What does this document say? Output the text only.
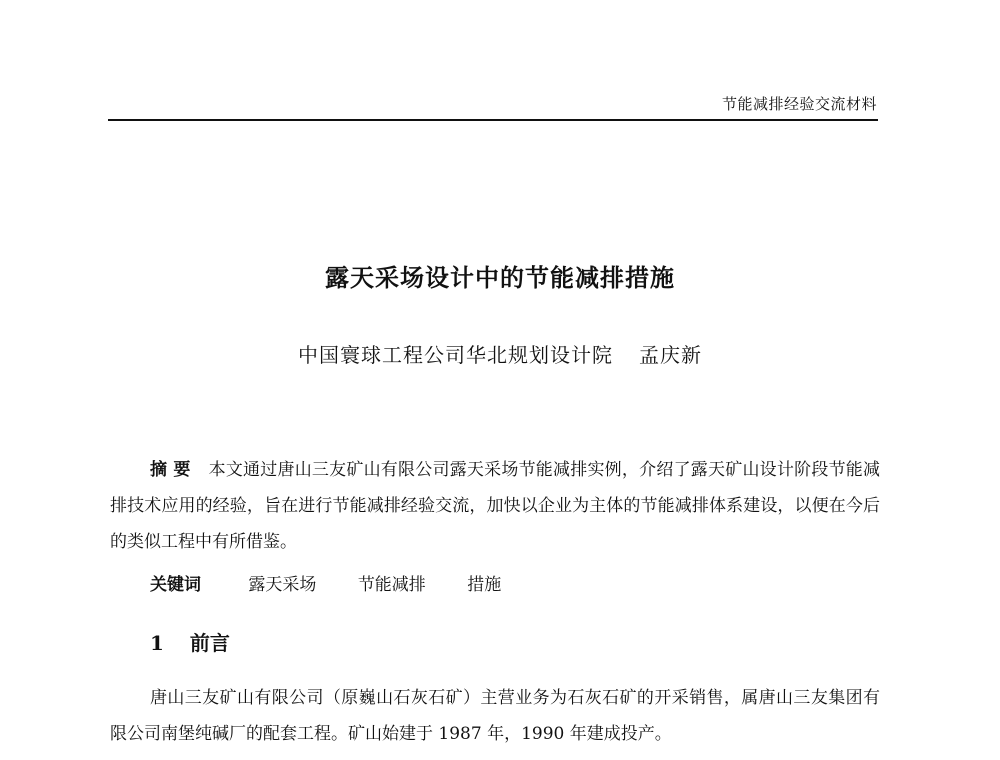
节能减排经验交流材料
露天采场设计中的节能减排措施
中国寰球工程公司华北规划设计院 孟庆新

摘 要 本文通过唐山三友矿山有限公司露天采场节能减排实例，介绍了露天矿山设计阶段节能减排技术应用的经验，旨在进行节能减排经验交流，加快以企业为主体的节能减排体系建设，以便在今后的类似工程中有所借鉴。

关键词	露天采场 节能减排 措施
1 前言

唐山三友矿山有限公司（原巍山石灰石矿）主营业务为石灰石矿的开采销售，属唐山三友集团有限公司南堡纯碱厂的配套工程。矿山始建于 1987 年，1990 年建成投产。
